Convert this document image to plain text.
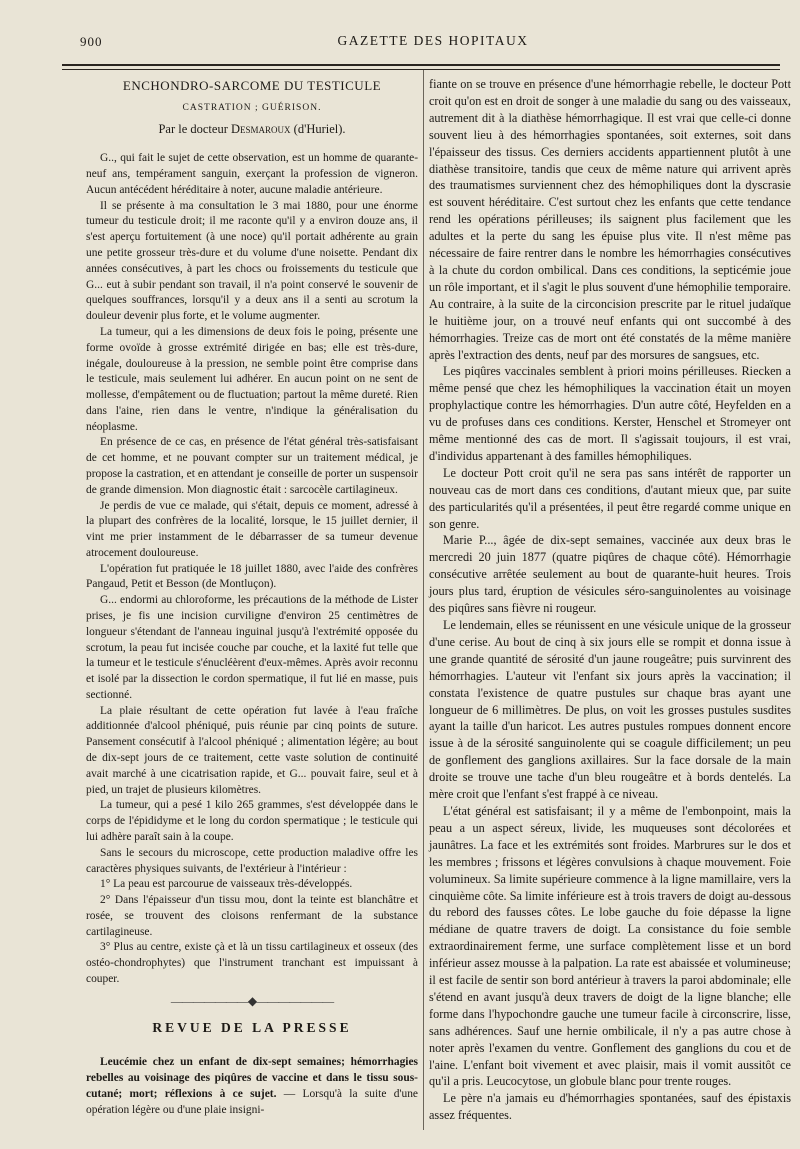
900	GAZETTE DES HOPITAUX
ENCHONDRO-SARCOME DU TESTICULE
CASTRATION ; GUÉRISON.
Par le docteur Desmaroux (d'Huriel).

G.., qui fait le sujet de cette observation, est un homme de quarante-neuf ans, tempérament sanguin, exerçant la profession de vigneron. Aucun antécédent héréditaire à noter, aucune maladie antérieure.

Il se présente à ma consultation le 3 mai 1880, pour une énorme tumeur du testicule droit; il me raconte qu'il y a environ douze ans, il s'est aperçu fortuitement (à une noce) qu'il portait adhérente au grain une petite grosseur très-dure et du volume d'une noisette. Pendant dix années consécutives, à part les chocs ou froissements du testicule que G... eut à subir pendant son travail, il n'a point conservé le souvenir de quelques souffrances, lorsqu'il y a deux ans il a senti au scrotum la douleur devenir plus forte, et le volume augmenter.

La tumeur, qui a les dimensions de deux fois le poing, présente une forme ovoïde à grosse extrémité dirigée en bas; elle est très-dure, inégale, douloureuse à la pression, ne semble point être comprise dans le testicule, mais seulement lui adhérer. En aucun point on ne sent de mollesse, d'empâtement ou de fluctuation; partout la même dureté. Rien dans l'aine, rien dans le ventre, n'indique la généralisation du néoplasme.

En présence de ce cas, en présence de l'état général très-satisfaisant de cet homme, et ne pouvant compter sur un traitement médical, je propose la castration, et en attendant je conseille de porter un suspensoir de grande dimension. Mon diagnostic était : sarcocèle cartilagineux.

Je perdis de vue ce malade, qui s'était, depuis ce moment, adressé à la plupart des confrères de la localité, lorsque, le 15 juillet dernier, il vint me prier instamment de le débarrasser de sa tumeur devenue atrocement douloureuse.

L'opération fut pratiquée le 18 juillet 1880, avec l'aide des confrères Pangaud, Petit et Besson (de Montluçon).

G... endormi au chloroforme, les précautions de la méthode de Lister prises, je fis une incision curviligne d'environ 25 centimètres de longueur s'étendant de l'anneau inguinal jusqu'à l'extrémité opposée du scrotum, la peau fut incisée couche par couche, et la laxité fut telle que la tumeur et le testicule s'énucléèrent d'eux-mêmes. Après avoir reconnu et isolé par la dissection le cordon spermatique, il fut lié en masse, puis sectionné.

La plaie résultant de cette opération fut lavée à l'eau fraîche additionnée d'alcool phéniqué, puis réunie par cinq points de suture. Pansement consécutif à l'alcool phéniqué ; alimentation légère; au bout de dix-sept jours de ce traitement, cette vaste solution de continuité avait marché à une cicatrisation rapide, et G... pouvait faire, seul et à pied, un trajet de plusieurs kilomètres.

La tumeur, qui a pesé 1 kilo 265 grammes, s'est développée dans le corps de l'épididyme et le long du cordon spermatique ; le testicule qui lui adhère paraît sain à la coupe.

Sans le secours du microscope, cette production maladive offre les caractères physiques suivants, de l'extérieur à l'intérieur :

1° La peau est parcourue de vaisseaux très-développés.

2° Dans l'épaisseur d'un tissu mou, dont la teinte est blanchâtre et rosée, se trouvent des cloisons renfermant de la substance cartilagineuse.

3° Plus au centre, existe çà et là un tissu cartilagineux et osseux (des ostéo-chondrophytes) que l'instrument tranchant est impuissant à couper.

———————◆———————
REVUE DE LA PRESSE

Leucémie chez un enfant de dix-sept semaines; hémorrhagies rebelles au voisinage des piqûres de vaccine et dans le tissu sous-cutané; mort; réflexions à ce sujet. — Lorsqu'à la suite d'une opération légère ou d'une plaie insigni-

fiante on se trouve en présence d'une hémorrhagie rebelle, le docteur Pott croit qu'on est en droit de songer à une maladie du sang ou des vaisseaux, autrement dit à la diathèse hémorrhagique. Il est vrai que celle-ci donne souvent lieu à des hémorrhagies spontanées, soit externes, soit dans l'épaisseur des tissus. Ces derniers accidents appartiennent plutôt à une diathèse transitoire, tandis que ceux de même nature qui arrivent après des traumatismes surviennent chez des hémophiliques dont la dyscrasie est souvent héréditaire. C'est surtout chez les enfants que cette tendance rend les opérations périlleuses; ils saignent plus facilement que les adultes et la perte du sang les épuise plus vite. Il n'est même pas nécessaire de faire rentrer dans le nombre les hémorrhagies consécutives à la chute du cordon ombilical. Dans ces conditions, la septicémie joue un rôle important, et il s'agit le plus souvent d'une hémophilie temporaire. Au contraire, à la suite de la circoncision prescrite par le rituel judaïque le huitième jour, on a trouvé neuf enfants qui ont succombé à des hémorrhagies. Treize cas de mort ont été constatés de la même manière après l'extraction des dents, neuf par des morsures de sangsues, etc.

Les piqûres vaccinales semblent à priori moins périlleuses. Riecken a même pensé que chez les hémophiliques la vaccination était un moyen prophylactique contre les hémorrhagies. D'un autre côté, Heyfelden en a vu de profuses dans ces conditions. Kerster, Henschel et Stromeyer ont même mentionné des cas de mort. Il s'agissait toujours, il est vrai, d'individus appartenant à des familles hémophiliques.

Le docteur Pott croit qu'il ne sera pas sans intérêt de rapporter un nouveau cas de mort dans ces conditions, d'autant mieux que, par suite des particularités qu'il a présentées, il peut être regardé comme unique en son genre.

Marie P..., âgée de dix-sept semaines, vaccinée aux deux bras le mercredi 20 juin 1877 (quatre piqûres de chaque côté). Hémorrhagie consécutive arrêtée seulement au bout de quarante-huit heures. Trois jours plus tard, éruption de vésicules séro-sanguinolentes au voisinage des piqûres sans fièvre ni rougeur.

Le lendemain, elles se réunissent en une vésicule unique de la grosseur d'une cerise. Au bout de cinq à six jours elle se rompit et donna issue à une grande quantité de sérosité d'un jaune rougeâtre; puis survinrent des hémorrhagies. L'auteur vit l'enfant six jours après la vaccination; il constata l'existence de quatre pustules sur chaque bras ayant une longueur de 6 millimètres. De plus, on voit les grosses pustules susdites ayant la taille d'un haricot. Les autres pustules rompues donnent encore issue à de la sérosité sanguinolente qui se coagule difficilement; un peu de gonflement des ganglions axillaires. Sur la face dorsale de la main droite se trouve une tache d'un bleu rougeâtre et à bords dentelés. La mère croit que l'enfant s'est frappé à ce niveau.

L'état général est satisfaisant; il y a même de l'embonpoint, mais la peau a un aspect séreux, livide, les muqueuses sont décolorées et jaunâtres. La face et les extrémités sont froides. Marbrures sur le dos et les membres ; frissons et légères convulsions à chaque mouvement. Foie volumineux. Sa limite supérieure commence à la ligne mamillaire, vers la cinquième côte. Sa limite inférieure est à trois travers de doigt au-dessous du rebord des fausses côtes. Le lobe gauche du foie dépasse la ligne médiane de quatre travers de doigt. La consistance du foie semble extraordinairement ferme, une surface complètement lisse et un bord inférieur assez mousse à la palpation. La rate est abaissée et volumineuse; il est facile de sentir son bord antérieur à travers la paroi abdominale; elle s'étend en avant jusqu'à deux travers de doigt de la ligne blanche; elle forme dans l'hypochondre gauche une tumeur facile à circonscrire, lisse, sans adhérences. Sauf une hernie ombilicale, il n'y a pas autre chose à noter après l'examen du ventre. Gonflement des ganglions du cou et de l'aine. L'enfant boit vivement et avec plaisir, mais il vomit aussitôt ce qu'il a pris. Leucocytose, un globule blanc pour trente rouges.

Le père n'a jamais eu d'hémorrhagies spontanées, sauf des épistaxis assez fréquentes.
